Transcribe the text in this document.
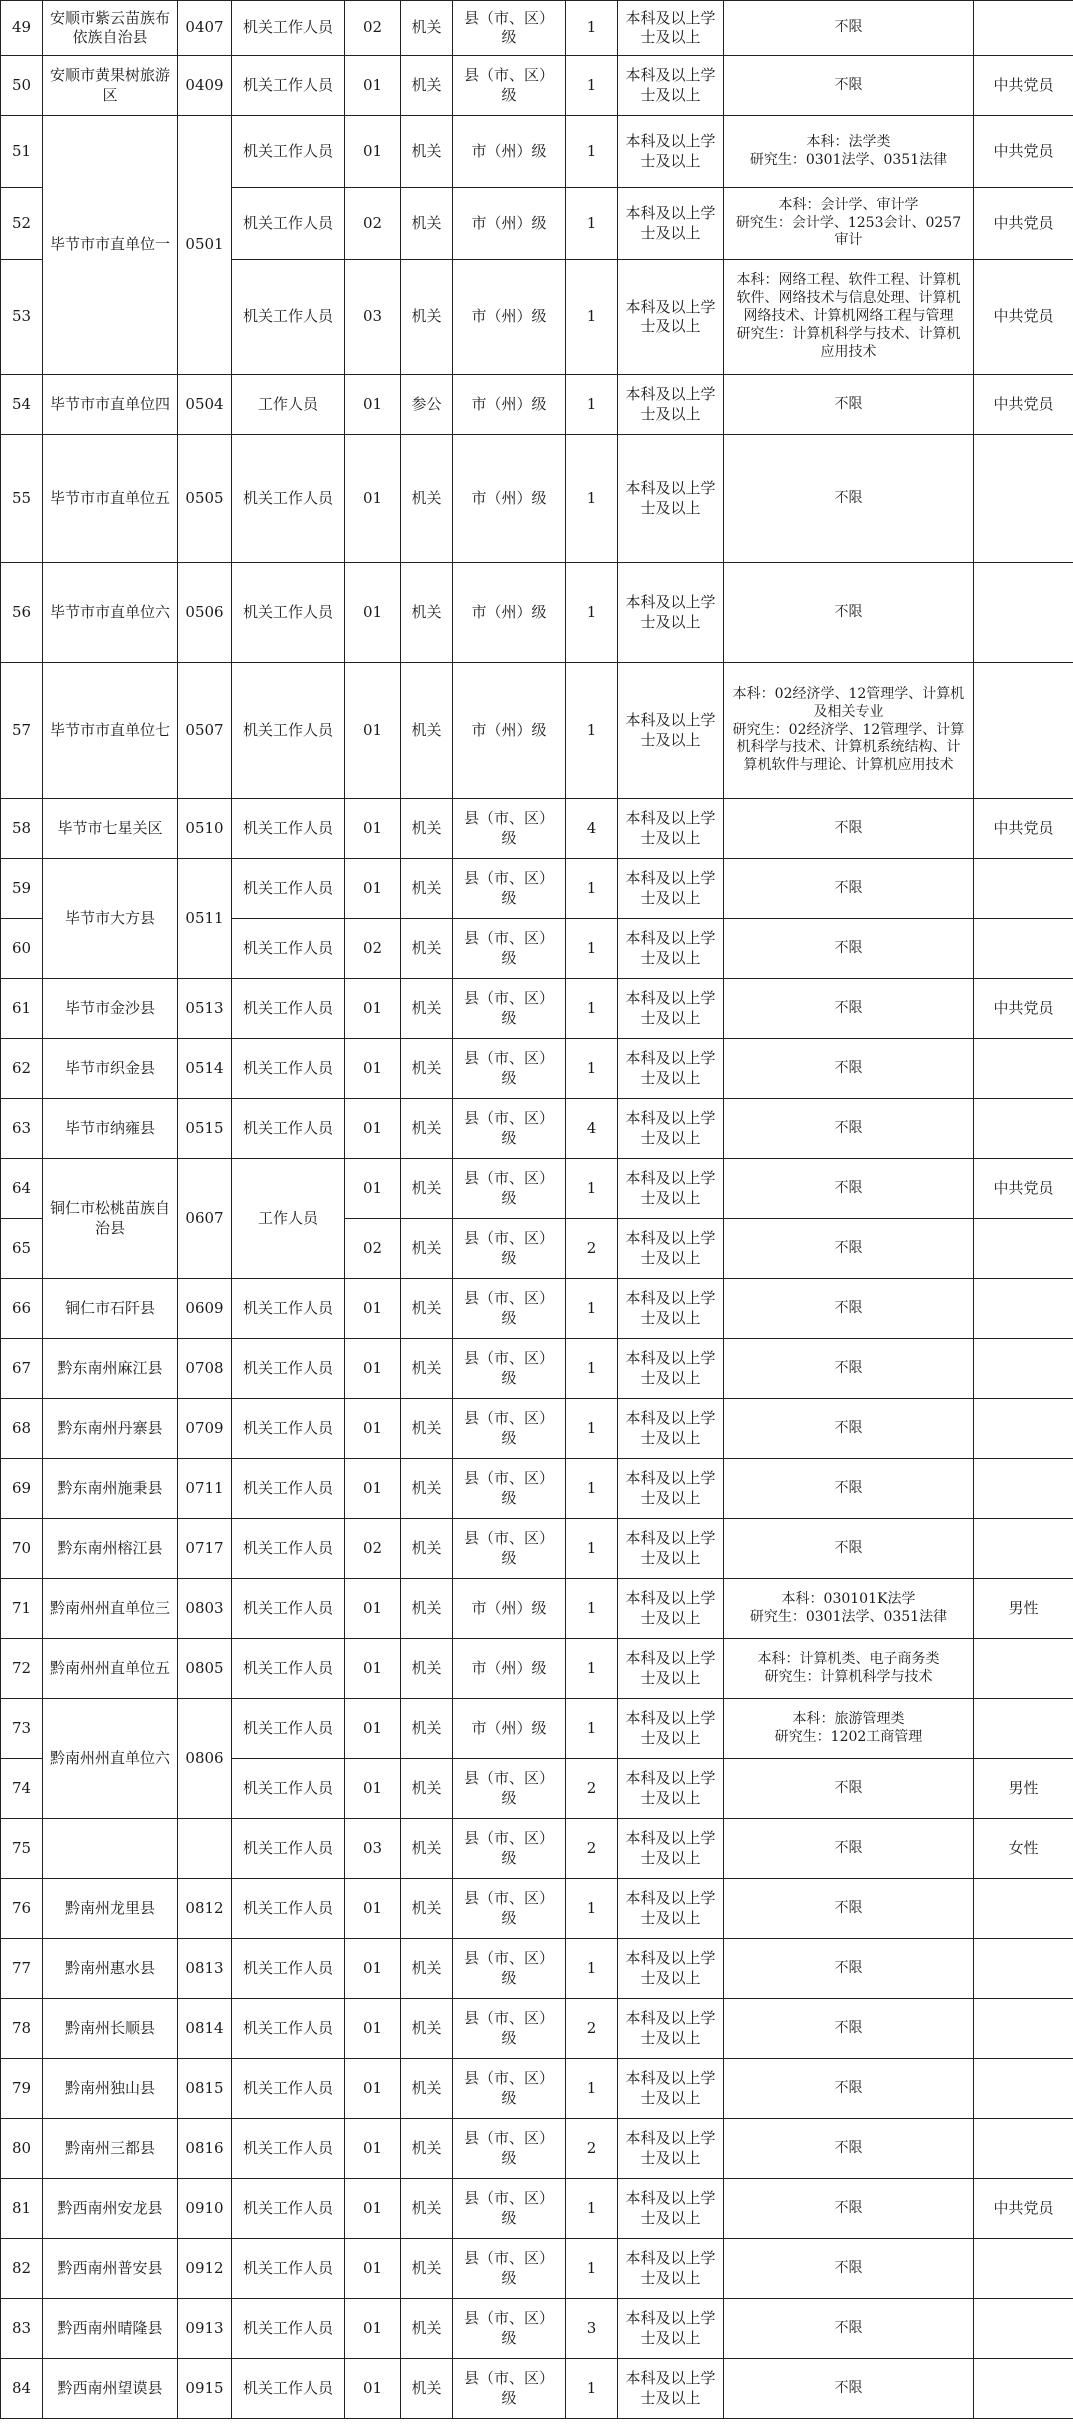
49	安顺市紫云苗族布依族自治县	0407	机关工作人员	02	机关	县（市、区）级	1	本科及以上学士及以上	不限	
50	安顺市黄果树旅游区	0409	机关工作人员	01	机关	县（市、区）级	1	本科及以上学士及以上	不限	中共党员
51	毕节市市直单位一	0501	机关工作人员	01	机关	市（州）级	1	本科及以上学士及以上	本科：法学类
研究生：0301法学、0351法律	中共党员
52			机关工作人员	02	机关	市（州）级	1	本科及以上学士及以上	本科：会计学、审计学
研究生：会计学、1253会计、0257审计	中共党员
53			机关工作人员	03	机关	市（州）级	1	本科及以上学士及以上	本科：网络工程、软件工程、计算机软件、网络技术与信息处理、计算机网络技术、计算机网络工程与管理
研究生：计算机科学与技术、计算机应用技术	中共党员
54	毕节市市直单位四	0504	工作人员	01	参公	市（州）级	1	本科及以上学士及以上	不限	中共党员
55	毕节市市直单位五	0505	机关工作人员	01	机关	市（州）级	1	本科及以上学士及以上	不限	
56	毕节市市直单位六	0506	机关工作人员	01	机关	市（州）级	1	本科及以上学士及以上	不限	
57	毕节市市直单位七	0507	机关工作人员	01	机关	市（州）级	1	本科及以上学士及以上	本科：02经济学、12管理学、计算机及相关专业
研究生：02经济学、12管理学、计算机科学与技术、计算机系统结构、计算机软件与理论、计算机应用技术	
58	毕节市七星关区	0510	机关工作人员	01	机关	县（市、区）级	4	本科及以上学士及以上	不限	中共党员
59	毕节市大方县	0511	机关工作人员	01	机关	县（市、区）级	1	本科及以上学士及以上	不限	
60			机关工作人员	02	机关	县（市、区）级	1	本科及以上学士及以上	不限	
61	毕节市金沙县	0513	机关工作人员	01	机关	县（市、区）级	1	本科及以上学士及以上	不限	中共党员
62	毕节市织金县	0514	机关工作人员	01	机关	县（市、区）级	1	本科及以上学士及以上	不限	
63	毕节市纳雍县	0515	机关工作人员	01	机关	县（市、区）级	4	本科及以上学士及以上	不限	
64	铜仁市松桃苗族自治县	0607	工作人员	01	机关	县（市、区）级	1	本科及以上学士及以上	不限	中共党员
65				02	机关	县（市、区）级	2	本科及以上学士及以上	不限	
66	铜仁市石阡县	0609	机关工作人员	01	机关	县（市、区）级	1	本科及以上学士及以上	不限	
67	黔东南州麻江县	0708	机关工作人员	01	机关	县（市、区）级	1	本科及以上学士及以上	不限	
68	黔东南州丹寨县	0709	机关工作人员	01	机关	县（市、区）级	1	本科及以上学士及以上	不限	
69	黔东南州施秉县	0711	机关工作人员	01	机关	县（市、区）级	1	本科及以上学士及以上	不限	
70	黔东南州榕江县	0717	机关工作人员	02	机关	县（市、区）级	1	本科及以上学士及以上	不限	
71	黔南州州直单位三	0803	机关工作人员	01	机关	市（州）级	1	本科及以上学士及以上	本科：030101K法学
研究生：0301法学、0351法律	男性
72	黔南州州直单位五	0805	机关工作人员	01	机关	市（州）级	1	本科及以上学士及以上	本科：计算机类、电子商务类
研究生：计算机科学与技术	
73	黔南州州直单位六	0806	机关工作人员	01	机关	市（州）级	1	本科及以上学士及以上	本科：旅游管理类
研究生：1202工商管理	
74			机关工作人员	01	机关	县（市、区）级	2	本科及以上学士及以上	不限	男性
75			机关工作人员	03	机关	县（市、区）级	2	本科及以上学士及以上	不限	女性
76	黔南州龙里县	0812	机关工作人员	01	机关	县（市、区）级	1	本科及以上学士及以上	不限	
77	黔南州惠水县	0813	机关工作人员	01	机关	县（市、区）级	1	本科及以上学士及以上	不限	
78	黔南州长顺县	0814	机关工作人员	01	机关	县（市、区）级	2	本科及以上学士及以上	不限	
79	黔南州独山县	0815	机关工作人员	01	机关	县（市、区）级	1	本科及以上学士及以上	不限	
80	黔南州三都县	0816	机关工作人员	01	机关	县（市、区）级	2	本科及以上学士及以上	不限	
81	黔西南州安龙县	0910	机关工作人员	01	机关	县（市、区）级	1	本科及以上学士及以上	不限	中共党员
82	黔西南州普安县	0912	机关工作人员	01	机关	县（市、区）级	1	本科及以上学士及以上	不限	
83	黔西南州晴隆县	0913	机关工作人员	01	机关	县（市、区）级	3	本科及以上学士及以上	不限	
84	黔西南州望谟县	0915	机关工作人员	01	机关	县（市、区）级	1	本科及以上学士及以上	不限	
